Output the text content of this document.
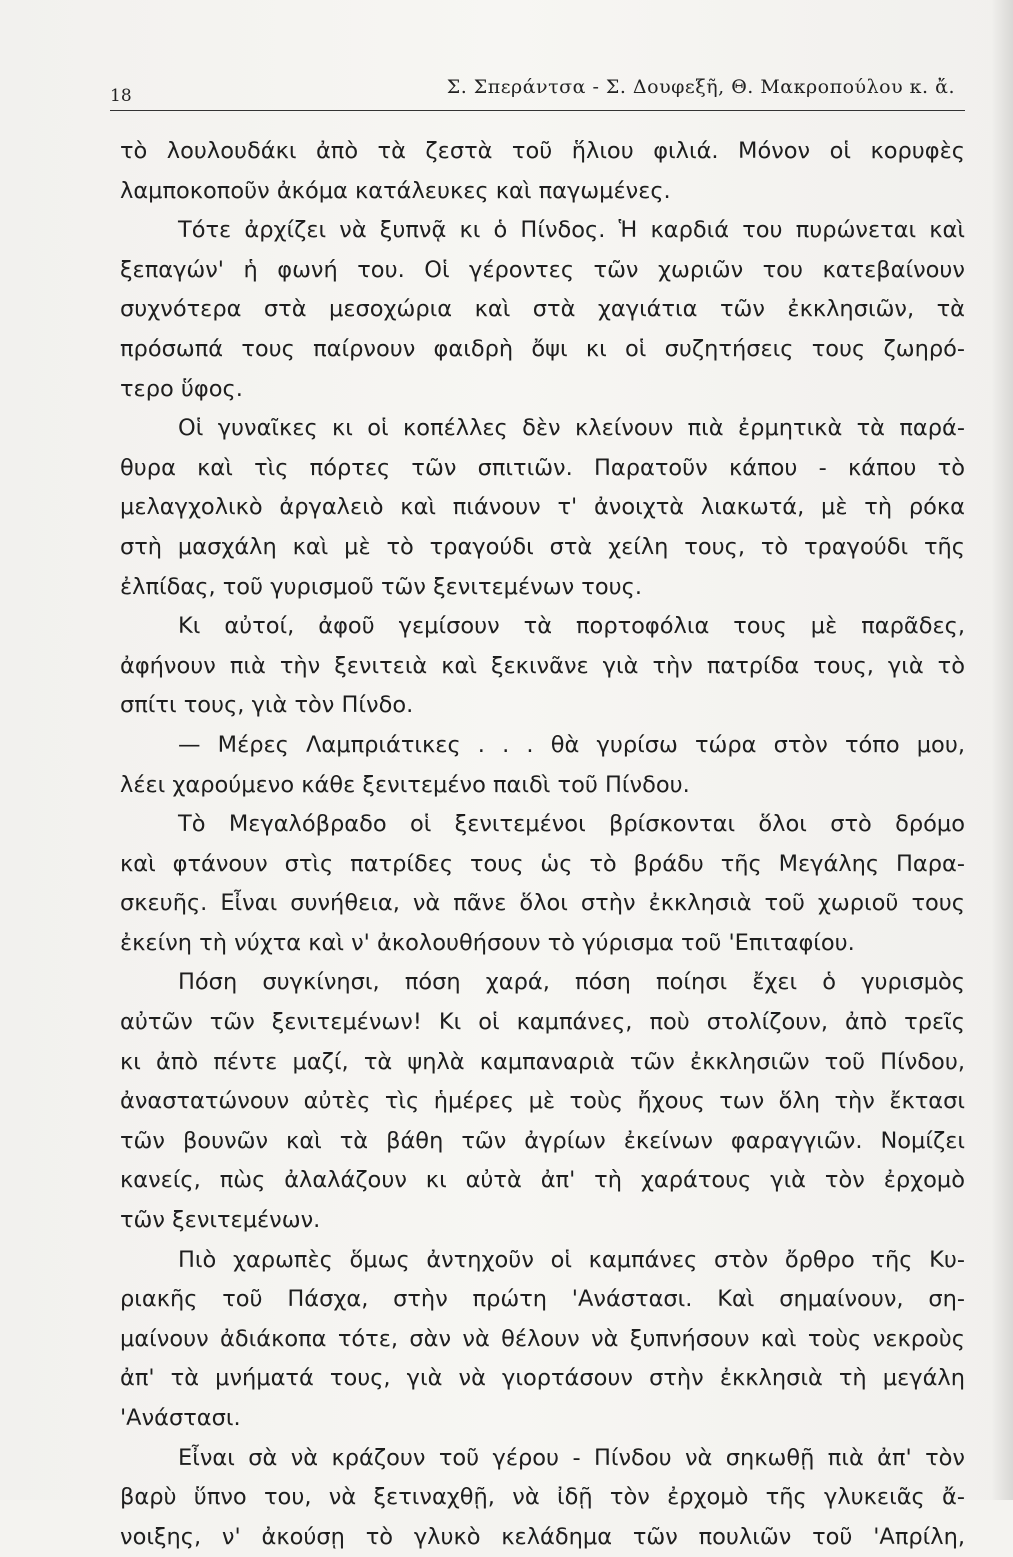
18	Σ. Σπεράντσα - Σ. Δουφεξῆ, Θ. Μακροπούλου κ. ἄ.
τὸ λουλουδάκι ἀπὸ τὰ ζεστὰ τοῦ ἥλιου φιλιά. Μόνον οἱ κορυφὲς
λαμποκοποῦν ἀκόμα κατάλευκες καὶ παγωμένες.
Τότε ἀρχίζει νὰ ξυπνᾷ κι ὁ Πίνδος. Ἡ καρδιά του πυρώνεται καὶ
ξεπαγών' ἡ φωνή του. Οἱ γέροντες τῶν χωριῶν του κατεβαίνουν
συχνότερα στὰ μεσοχώρια καὶ στὰ χαγιάτια τῶν ἐκκλησιῶν, τὰ
πρόσωπά τους παίρνουν φαιδρὴ ὄψι κι οἱ συζητήσεις τους ζωηρό-
τερο ὕφος.
Οἱ γυναῖκες κι οἱ κοπέλλες δὲν κλείνουν πιὰ ἐρμητικὰ τὰ παρά-
θυρα καὶ τὶς πόρτες τῶν σπιτιῶν. Παρατοῦν κάπου - κάπου τὸ
μελαγχολικὸ ἀργαλειὸ καὶ πιάνουν τ' ἀνοιχτὰ λιακωτά, μὲ τὴ ρόκα
στὴ μασχάλη καὶ μὲ τὸ τραγούδι στὰ χείλη τους, τὸ τραγούδι τῆς
ἐλπίδας, τοῦ γυρισμοῦ τῶν ξενιτεμένων τους.
Κι αὐτοί, ἀφοῦ γεμίσουν τὰ πορτοφόλια τους μὲ παρᾶδες,
ἀφήνουν πιὰ τὴν ξενιτειὰ καὶ ξεκινᾶνε γιὰ τὴν πατρίδα τους, γιὰ τὸ
σπίτι τους, γιὰ τὸν Πίνδο.
— Μέρες Λαμπριάτικες . . . θὰ γυρίσω τώρα στὸν τόπο μου,
λέει χαρούμενο κάθε ξενιτεμένο παιδὶ τοῦ Πίνδου.
Τὸ Μεγαλόβραδο οἱ ξενιτεμένοι βρίσκονται ὅλοι στὸ δρόμο
καὶ φτάνουν στὶς πατρίδες τους ὡς τὸ βράδυ τῆς Μεγάλης Παρα-
σκευῆς. Εἶναι συνήθεια, νὰ πᾶνε ὅλοι στὴν ἐκκλησιὰ τοῦ χωριοῦ τους
ἐκείνη τὴ νύχτα καὶ ν' ἀκολουθήσουν τὸ γύρισμα τοῦ 'Επιταφίου.
Πόση συγκίνησι, πόση χαρά, πόση ποίησι ἔχει ὁ γυρισμὸς
αὐτῶν τῶν ξενιτεμένων! Κι οἱ καμπάνες, ποὺ στολίζουν, ἀπὸ τρεῖς
κι ἀπὸ πέντε μαζί, τὰ ψηλὰ καμπαναριὰ τῶν ἐκκλησιῶν τοῦ Πίνδου,
ἀναστατώνουν αὐτὲς τὶς ἡμέρες μὲ τοὺς ἤχους των ὅλη τὴν ἔκτασι
τῶν βουνῶν καὶ τὰ βάθη τῶν ἀγρίων ἐκείνων φαραγγιῶν. Νομίζει
κανείς, πὼς ἀλαλάζουν κι αὐτὰ ἀπ' τὴ χαράτους γιὰ τὸν ἐρχομὸ
τῶν ξενιτεμένων.
Πιὸ χαρωπὲς ὅμως ἀντηχοῦν οἱ καμπάνες στὸν ὄρθρο τῆς Κυ-
ριακῆς τοῦ Πάσχα, στὴν πρώτη 'Ανάστασι. Καὶ σημαίνουν, ση-
μαίνουν ἀδιάκοπα τότε, σὰν νὰ θέλουν νὰ ξυπνήσουν καὶ τοὺς νεκροὺς
ἀπ' τὰ μνήματά τους, γιὰ νὰ γιορτάσουν στὴν ἐκκλησιὰ τὴ μεγάλη
'Ανάστασι.
Εἶναι σὰ νὰ κράζουν τοῦ γέρου - Πίνδου νὰ σηκωθῇ πιὰ ἀπ' τὸν
βαρὺ ὕπνο του, νὰ ξετιναχθῇ, νὰ ἰδῇ τὸν ἐρχομὸ τῆς γλυκειᾶς ἄ-
νοιξης, ν' ἀκούσῃ τὸ γλυκὸ κελάδημα τῶν πουλιῶν τοῦ 'Απρίλη,
